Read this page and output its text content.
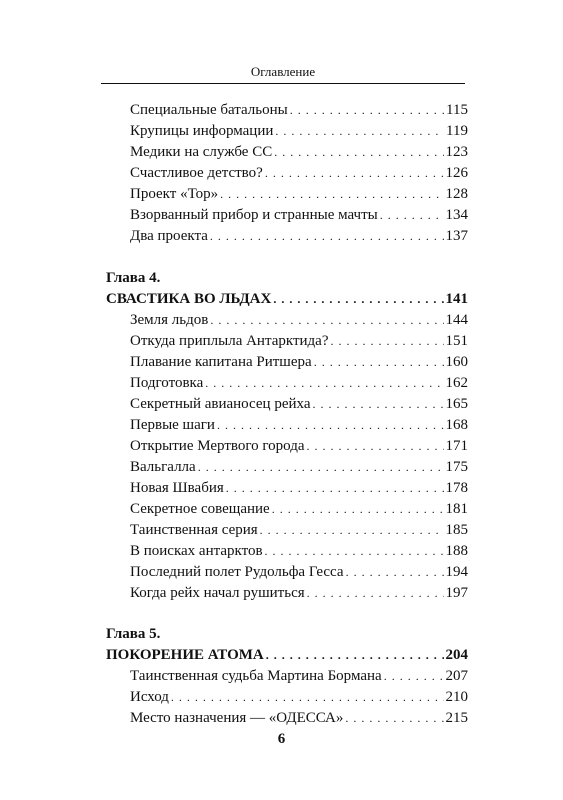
Оглавление
Специальные батальоны . . .	115
Крупицы информации . . .	119
Медики на службе СС . . .	123
Счастливое детство? . . .	126
Проект «Тор» . . .	128
Взорванный прибор и странные мачты . . .	134
Два проекта . . .	137
Глава 4.
СВАСТИКА ВО ЛЬДАХ . . .	141
Земля льдов . . .	144
Откуда приплыла Антарктида? . . .	151
Плавание капитана Ритшера . . .	160
Подготовка . . .	162
Секретный авианосец рейха . . .	165
Первые шаги . . .	168
Открытие Мертвого города . . .	171
Вальгалла . . .	175
Новая Швабия . . .	178
Секретное совещание . . .	181
Таинственная серия . . .	185
В поисках антарктов . . .	188
Последний полет Рудольфа Гесса . . .	194
Когда рейх начал рушиться . . .	197
Глава 5.
ПОКОРЕНИЕ АТОМА . . .	204
Таинственная судьба Мартина Бормана . . .	207
Исход . . .	210
Место назначения — «ОДЕССА» . . .	215
6
